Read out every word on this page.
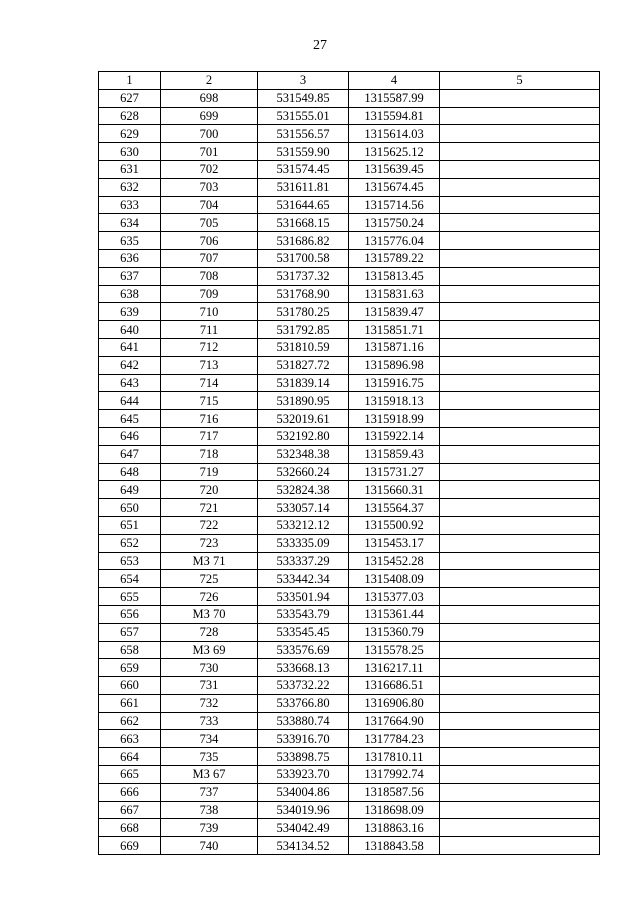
27
1	2	3	4	5
627	698	531549.85	1315587.99	
628	699	531555.01	1315594.81	
629	700	531556.57	1315614.03	
630	701	531559.90	1315625.12	
631	702	531574.45	1315639.45	
632	703	531611.81	1315674.45	
633	704	531644.65	1315714.56	
634	705	531668.15	1315750.24	
635	706	531686.82	1315776.04	
636	707	531700.58	1315789.22	
637	708	531737.32	1315813.45	
638	709	531768.90	1315831.63	
639	710	531780.25	1315839.47	
640	711	531792.85	1315851.71	
641	712	531810.59	1315871.16	
642	713	531827.72	1315896.98	
643	714	531839.14	1315916.75	
644	715	531890.95	1315918.13	
645	716	532019.61	1315918.99	
646	717	532192.80	1315922.14	
647	718	532348.38	1315859.43	
648	719	532660.24	1315731.27	
649	720	532824.38	1315660.31	
650	721	533057.14	1315564.37	
651	722	533212.12	1315500.92	
652	723	533335.09	1315453.17	
653	МЗ 71	533337.29	1315452.28	
654	725	533442.34	1315408.09	
655	726	533501.94	1315377.03	
656	МЗ 70	533543.79	1315361.44	
657	728	533545.45	1315360.79	
658	МЗ 69	533576.69	1315578.25	
659	730	533668.13	1316217.11	
660	731	533732.22	1316686.51	
661	732	533766.80	1316906.80	
662	733	533880.74	1317664.90	
663	734	533916.70	1317784.23	
664	735	533898.75	1317810.11	
665	МЗ 67	533923.70	1317992.74	
666	737	534004.86	1318587.56	
667	738	534019.96	1318698.09	
668	739	534042.49	1318863.16	
669	740	534134.52	1318843.58	
